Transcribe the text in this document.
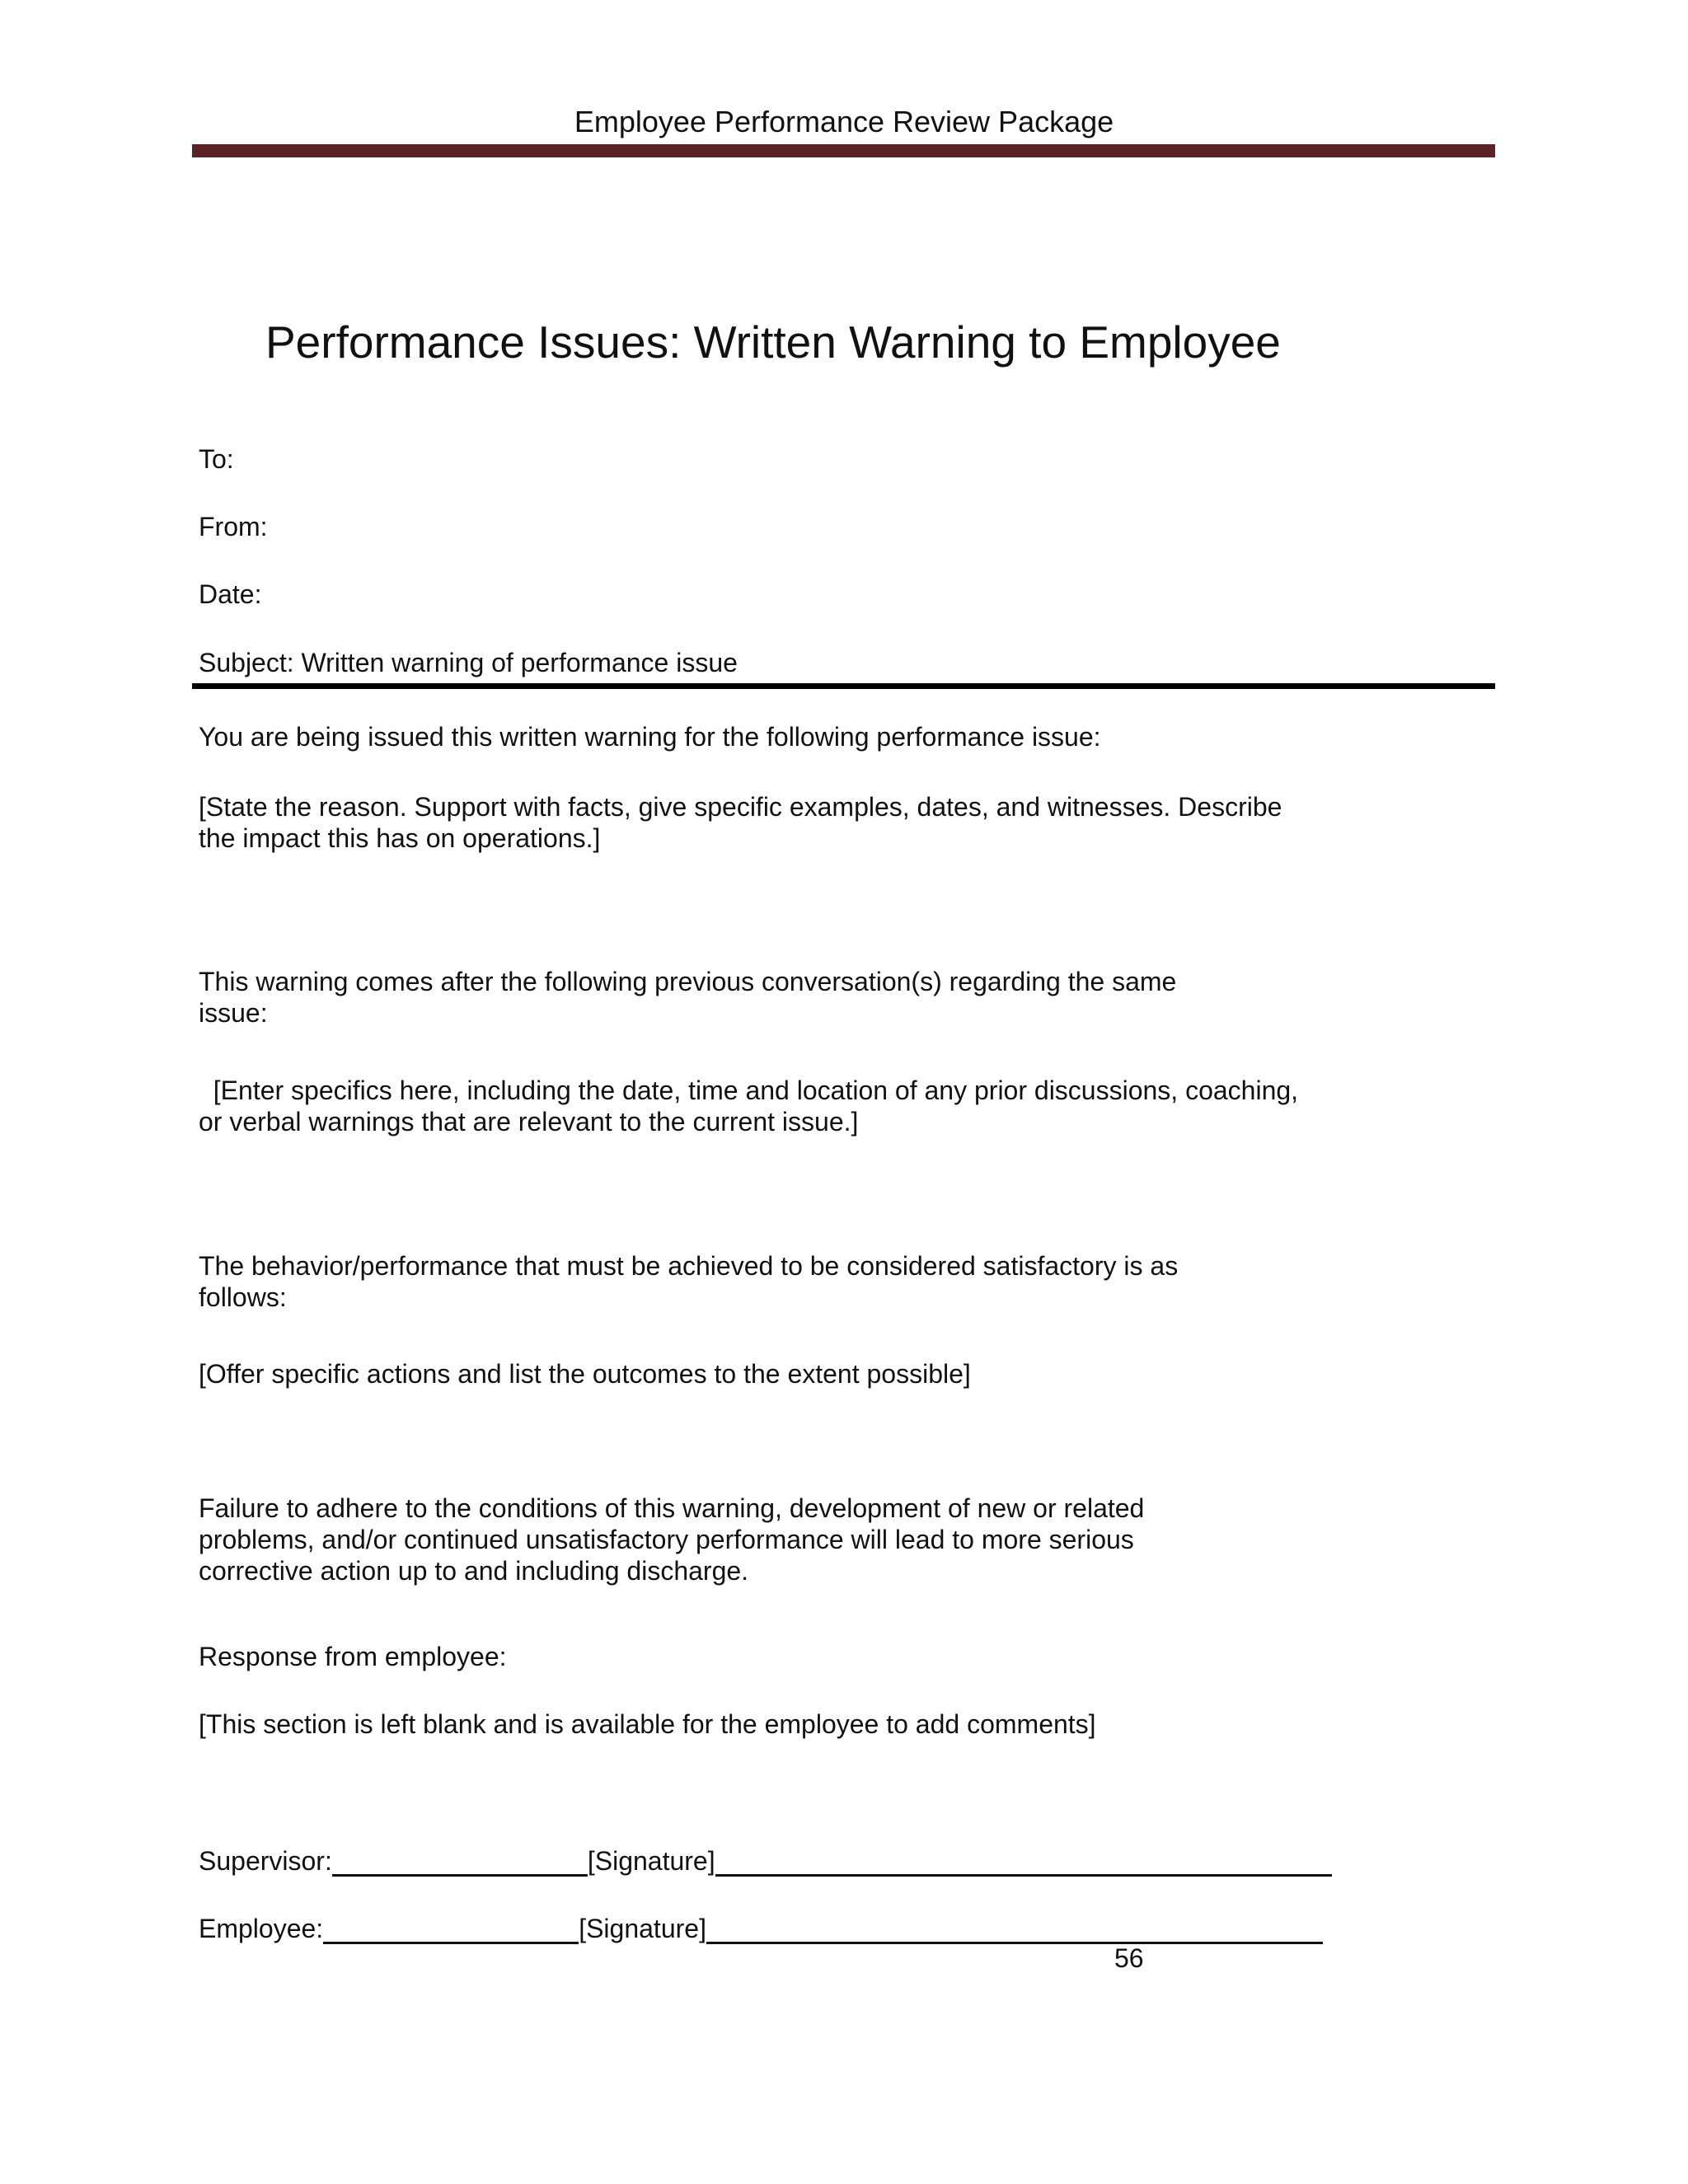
Employee Performance Review Package
Performance Issues: Written Warning to Employee
To:
From:
Date:
Subject: Written warning of performance issue
You are being issued this written warning for the following performance issue:
[State the reason. Support with facts, give specific examples, dates, and witnesses. Describe
the impact this has on operations.]
This warning comes after the following previous conversation(s) regarding the same
issue:
[Enter specifics here, including the date, time and location of any prior discussions, coaching,
or verbal warnings that are relevant to the current issue.]
The behavior/performance that must be achieved to be considered satisfactory is as
follows:
[Offer specific actions and list the outcomes to the extent possible]
Failure to adhere to the conditions of this warning, development of new or related
problems, and/or continued unsatisfactory performance will lead to more serious
corrective action up to and including discharge.
Response from employee:
[This section is left blank and is available for the employee to add comments]
Supervisor:	[Signature]
Employee:	[Signature]
56
